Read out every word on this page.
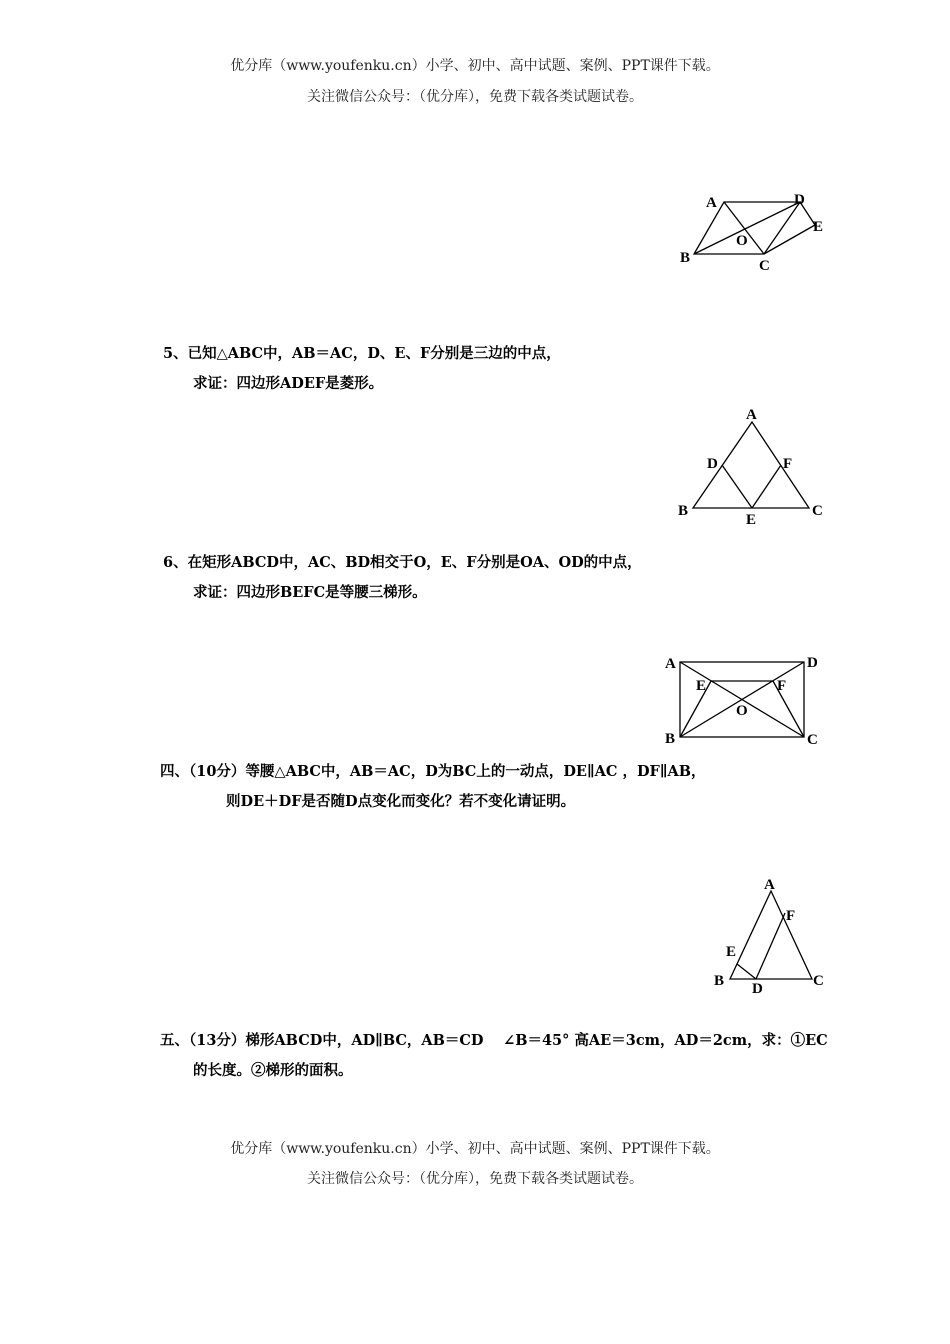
优分库（www.youfenku.cn）小学、初中、高中试题、案例、PPT课件下载。
关注微信公众号：（优分库），免费下载各类试题试卷。
A	D
E
O
B	C
5、已知△ABC中，AB＝AC，D、E、F分别是三边的中点，
求证：四边形ADEF是菱形。
A
D	F
B
E
C
6、在矩形ABCD中，AC、BD相交于O，E、F分别是OA、OD的中点，
求证：四边形BEFC是等腰三梯形。
A	D
E	F
O
B	C
四、（10分）等腰△ABC中，AB＝AC，D为BC上的一动点，DE∥AC ，DF∥AB，
则DE＋DF是否随D点变化而变化？若不变化请证明。
A
F
E
B D	C
五、（13分）梯形ABCD中，AD∥BC，AB＝CD　 ∠B＝45° 高AE＝3cm，AD＝2cm，求：①EC
的长度。②梯形的面积。
优分库（www.youfenku.cn）小学、初中、高中试题、案例、PPT课件下载。
关注微信公众号：（优分库），免费下载各类试题试卷。
